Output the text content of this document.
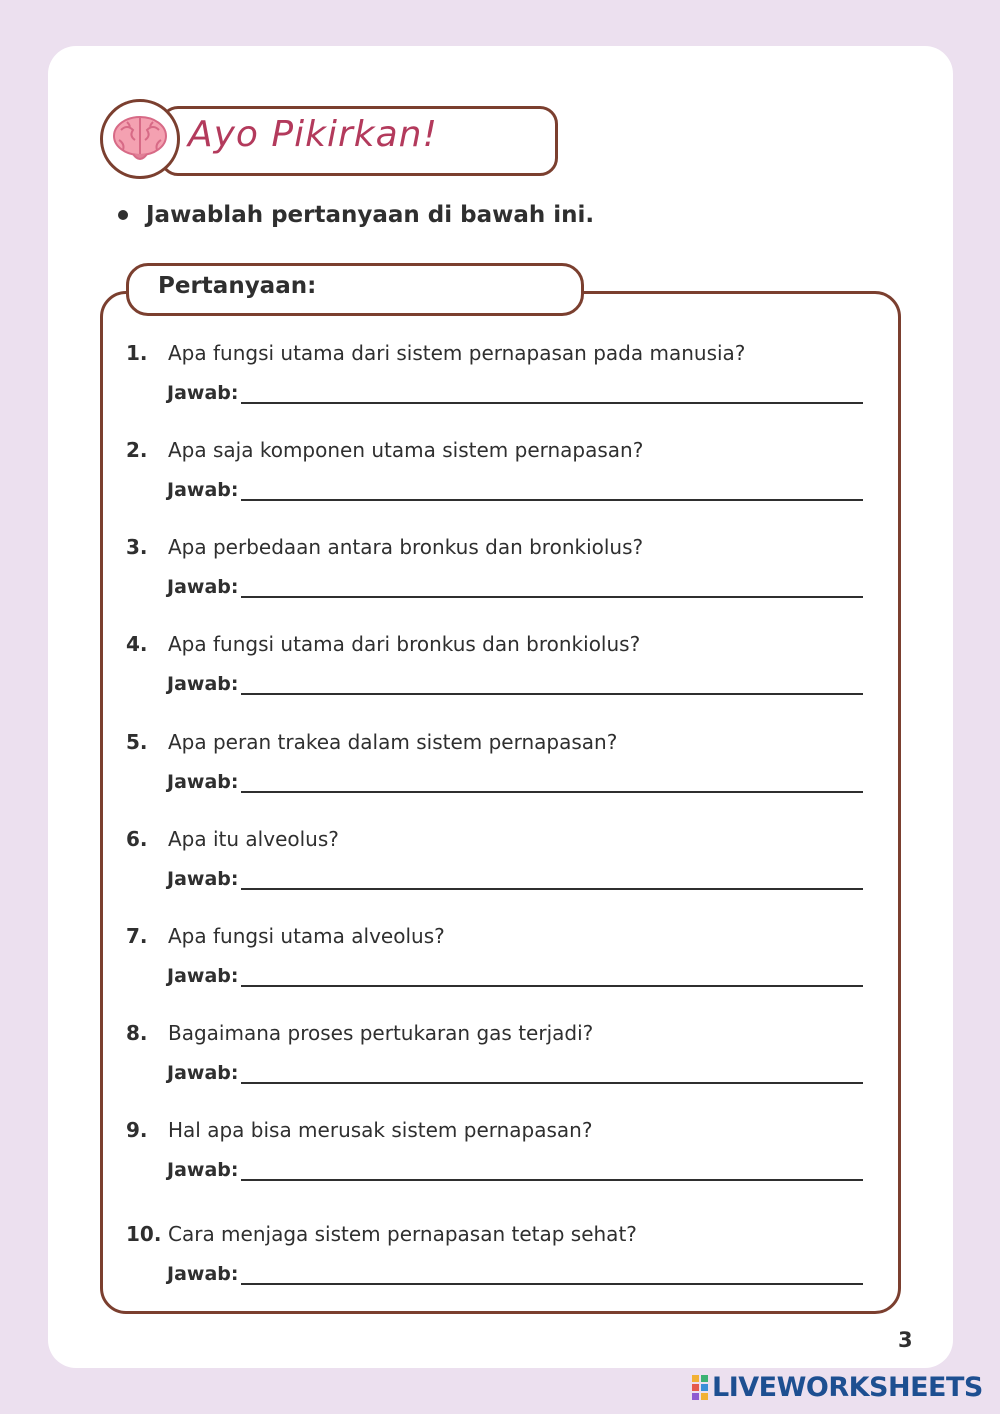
Ayo Pikirkan!
Jawablah pertanyaan di bawah ini.
Pertanyaan:
1. Apa fungsi utama dari sistem pernapasan pada manusia?
Jawab:
2. Apa saja komponen utama sistem pernapasan?
Jawab:
3. Apa perbedaan antara bronkus dan bronkiolus?
Jawab:
4. Apa fungsi utama dari bronkus dan bronkiolus?
Jawab:
5. Apa peran trakea dalam sistem pernapasan?
Jawab:
6. Apa itu alveolus?
Jawab:
7. Apa fungsi utama alveolus?
Jawab:
8. Bagaimana proses pertukaran gas terjadi?
Jawab:
9. Hal apa bisa merusak sistem pernapasan?
Jawab:
10. Cara menjaga sistem pernapasan tetap sehat?
Jawab:
3
LIVEWORKSHEETS
